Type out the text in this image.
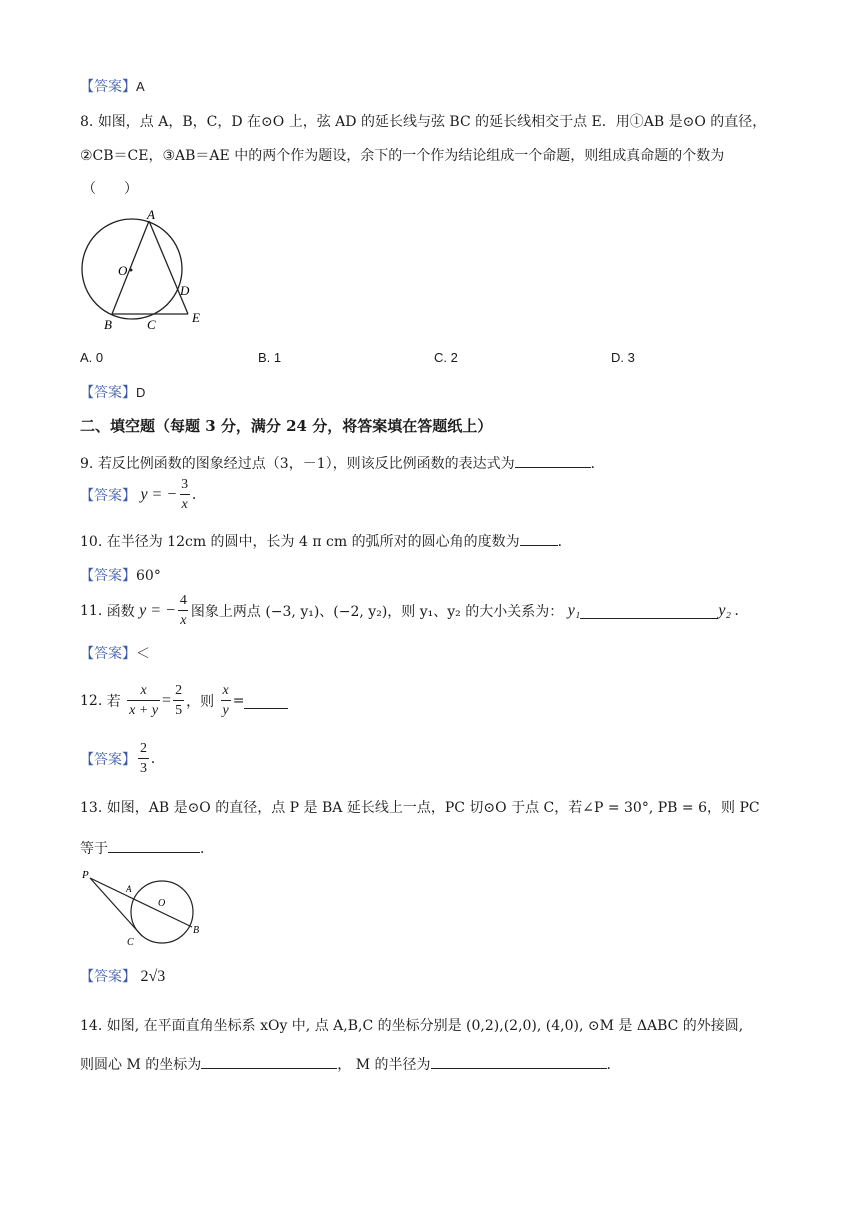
【答案】A
8. 如图，点 A，B，C，D 在⊙O 上，弦 AD 的延长线与弦 BC 的延长线相交于点 E．用①AB 是⊙O 的直径，
②CB＝CE，③AB＝AE 中的两个作为题设，余下的一个作为结论组成一个命题，则组成真命题的个数为
（　　）
A
O
D
B	C	E
A. 0	B. 1	C. 2	D. 3
【答案】D
二、填空题（每题 3 分，满分 24 分，将答案填在答题纸上）
9. 若反比例函数的图象经过点（3，－1），则该反比例函数的表达式为	．
【答案】 y = − $\frac{3}{x}$ .
10. 在半径为 12cm 的圆中，长为 4 π cm 的弧所对的圆心角的度数为	．
【答案】60°
11. 函数 y = − $\frac{4}{x}$ 图象上两点 (−3, y₁)、(−2, y₂)，则 y₁、y₂ 的大小关系为： y₁	y₂ .
【答案】＜
12. 若 $\frac{x}{x + y} = \frac{2}{5}$ ，则 $\frac{x}{y}$ =
【答案】 $\frac{2}{3}$ .
13. 如图，AB 是⊙O 的直径，点 P 是 BA 延长线上一点，PC 切⊙O 于点 C，若∠P = 30°, PB = 6，则 PC
等于	．
P
A
O
B
C
【答案】 2√3
14. 如图, 在平面直角坐标系 xOy 中, 点 A,B,C 的坐标分别是 (0,2),(2,0), (4,0), ⊙M 是 ΔABC 的外接圆,
则圆心 M 的坐标为	， M 的半径为	.
